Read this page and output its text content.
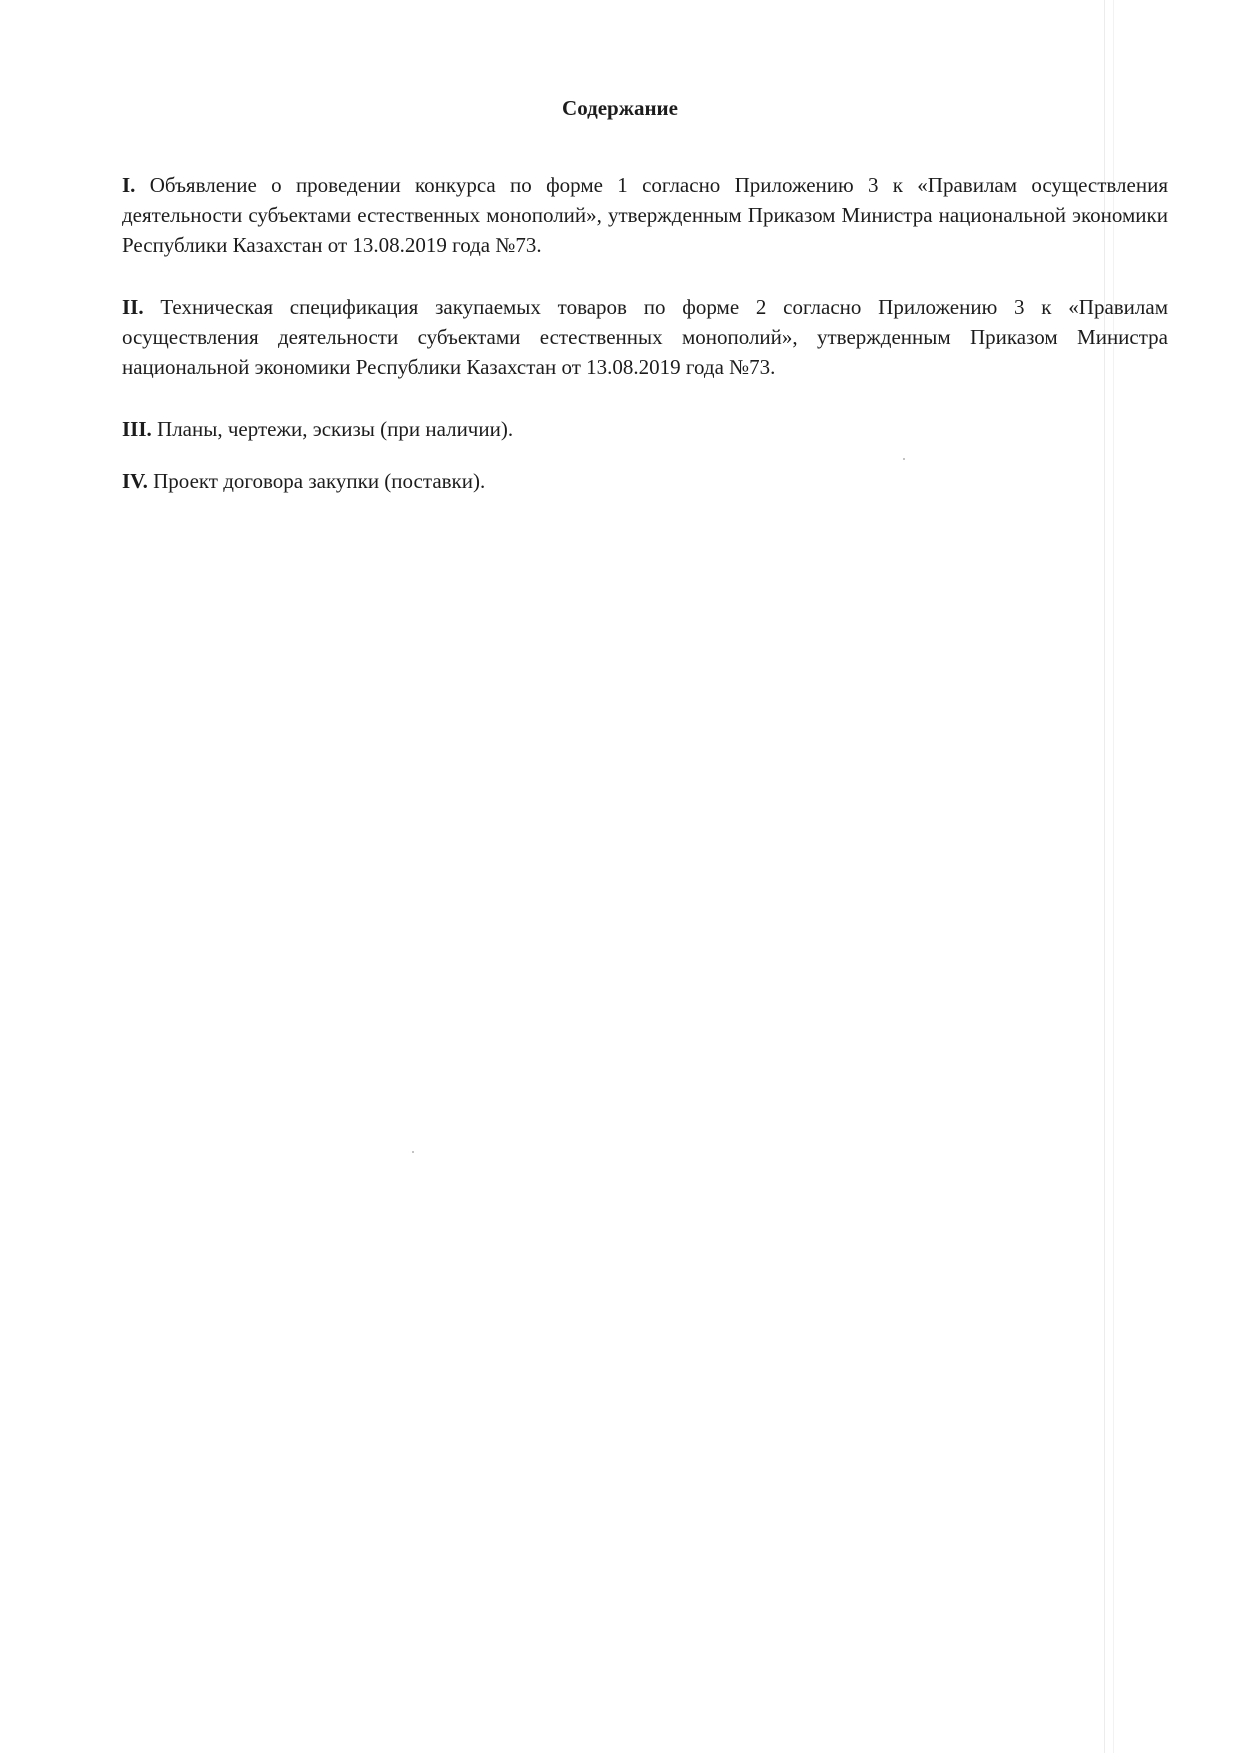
Содержание

I. Объявление о проведении конкурса по форме 1 согласно Приложению 3 к «Правилам осуществления деятельности субъектами естественных монополий», утвержденным Приказом Министра национальной экономики Республики Казахстан от 13.08.2019 года №73.

II. Техническая спецификация закупаемых товаров по форме 2 согласно Приложению 3 к «Правилам осуществления деятельности субъектами естественных монополий», утвержденным Приказом Министра национальной экономики Республики Казахстан от 13.08.2019 года №73.

III. Планы, чертежи, эскизы (при наличии).

IV. Проект договора закупки (поставки).
